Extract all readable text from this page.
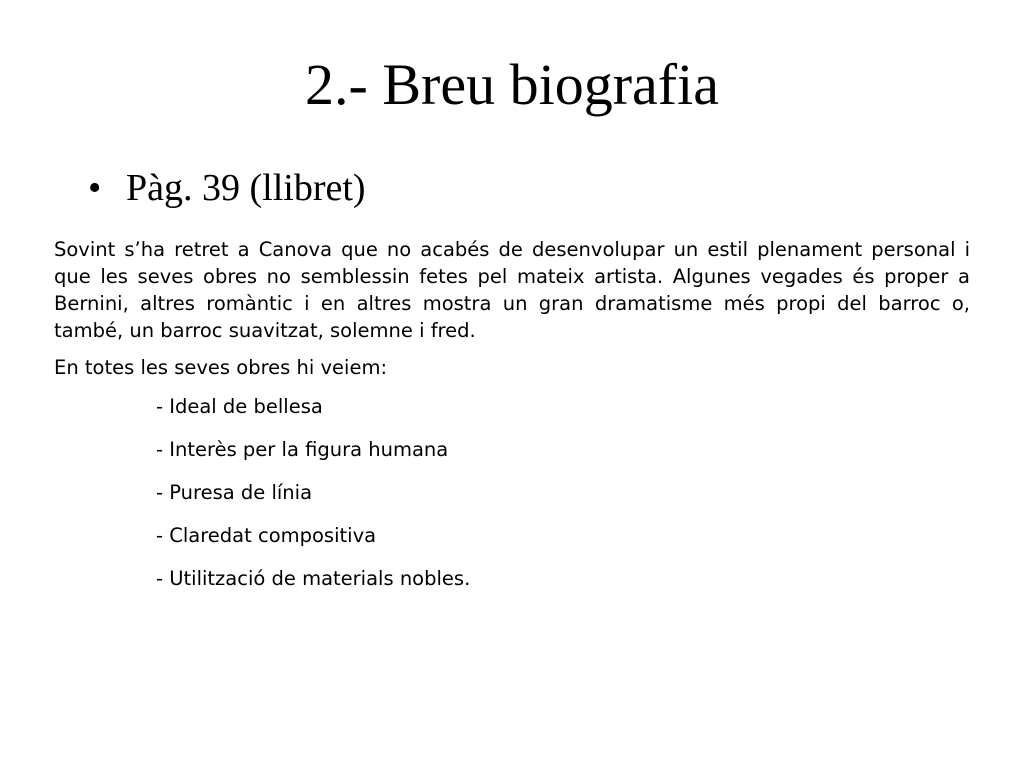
2.- Breu biografia
• Pàg. 39 (llibret)

Sovint s’ha retret a Canova que no acabés de desenvolupar un estil plenament personal i que les seves obres no semblessin fetes pel mateix artista. Algunes vegades és proper a Bernini, altres romàntic i en altres mostra un gran dramatisme més propi del barroc o, també, un barroc suavitzat, solemne i fred.

En totes les seves obres hi veiem:

- Ideal de bellesa
- Interès per la figura humana
- Puresa de línia
- Claredat compositiva
- Utilització de materials nobles.
